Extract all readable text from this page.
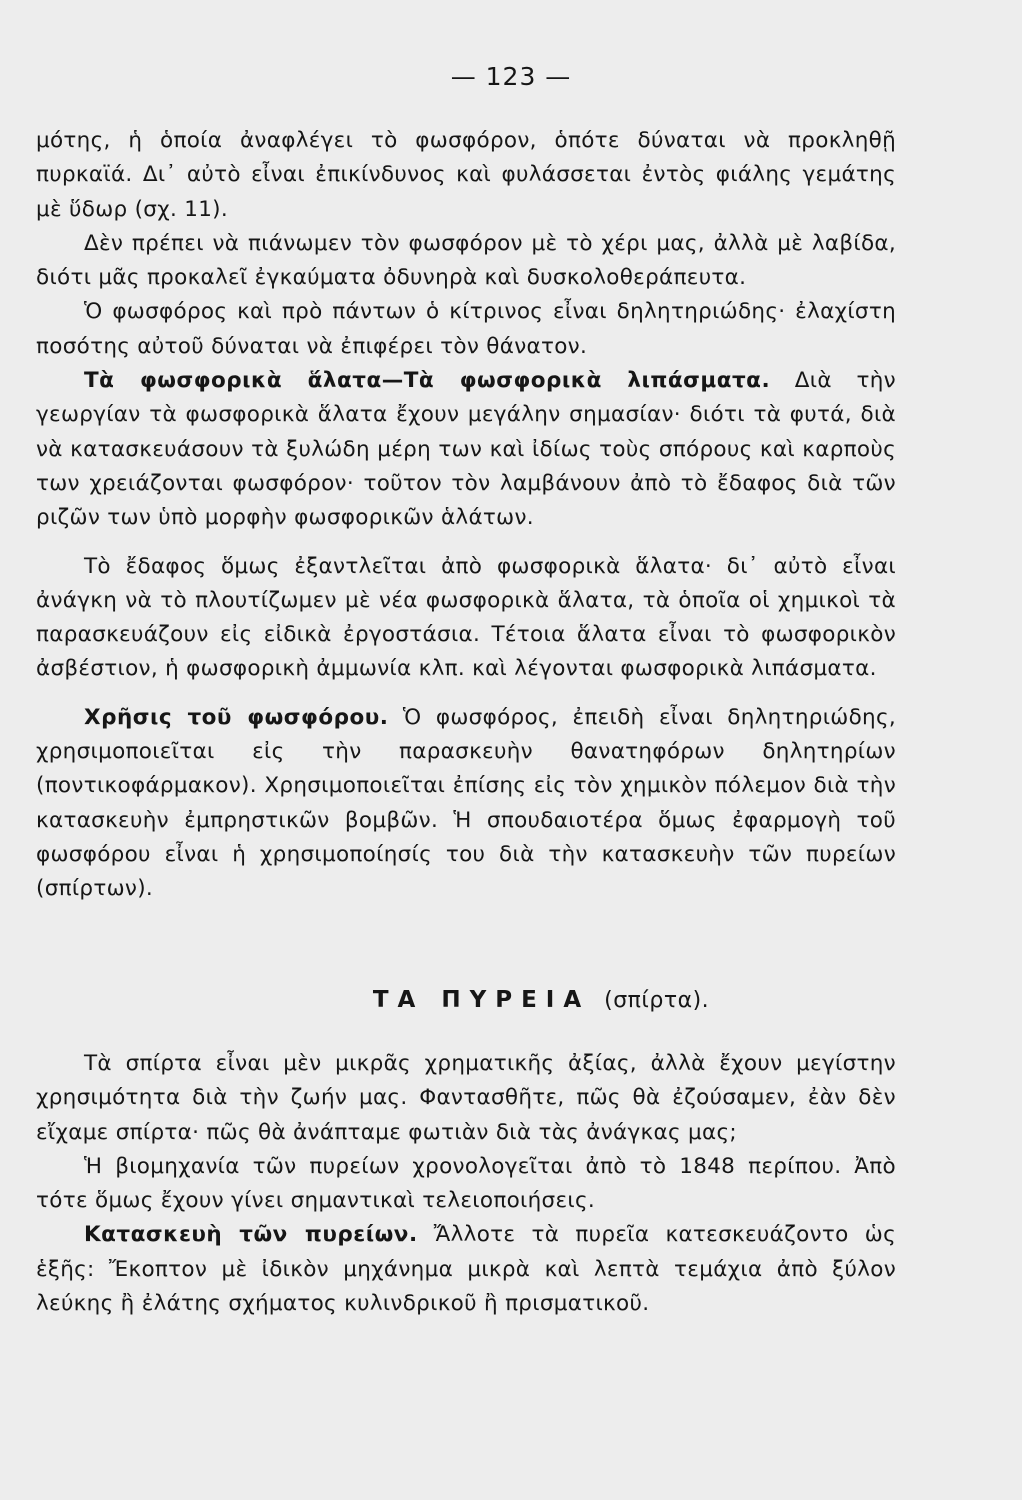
— 123 —

μότης, ἡ ὁποία ἀναφλέγει τὸ φωσφόρον, ὁπότε δύναται νὰ προκληθῇ πυρκαϊά. Δι᾿ αὐτὸ εἶναι ἐπικίνδυνος καὶ φυλάσσεται ἐντὸς φιάλης γεμάτης μὲ ὕδωρ (σχ. 11).

Δὲν πρέπει νὰ πιάνωμεν τὸν φωσφόρον μὲ τὸ χέρι μας, ἀλλὰ μὲ λαβίδα, διότι μᾶς προκαλεῖ ἐγκαύματα ὀδυνηρὰ καὶ δυσκολοθεράπευτα.

Ὁ φωσφόρος καὶ πρὸ πάντων ὁ κίτρινος εἶναι δηλητηριώδης· ἐλαχίστη ποσότης αὐτοῦ δύναται νὰ ἐπιφέρει τὸν θάνατον.

Τὰ φωσφορικὰ ἅλατα—Τὰ φωσφορικὰ λιπάσματα. Διὰ τὴν γεωργίαν τὰ φωσφορικὰ ἅλατα ἔχουν μεγάλην σημασίαν· διότι τὰ φυτά, διὰ νὰ κατασκευάσουν τὰ ξυλώδη μέρη των καὶ ἰδίως τοὺς σπόρους καὶ καρποὺς των χρειάζονται φωσφόρον· τοῦτον τὸν λαμβάνουν ἀπὸ τὸ ἔδαφος διὰ τῶν ριζῶν των ὑπὸ μορφὴν φωσφορικῶν ἁλάτων.

Τὸ ἔδαφος ὅμως ἐξαντλεῖται ἀπὸ φωσφορικὰ ἅλατα· δι᾿ αὐτὸ εἶναι ἀνάγκη νὰ τὸ πλουτίζωμεν μὲ νέα φωσφορικὰ ἅλατα, τὰ ὁποῖα οἱ χημικοὶ τὰ παρασκευάζουν εἰς εἰδικὰ ἐργοστάσια. Τέτοια ἅλατα εἶναι τὸ φωσφορικὸν ἀσβέστιον, ἡ φωσφορικὴ ἀμμωνία κλπ. καὶ λέγονται φωσφορικὰ λιπάσματα.

Χρῆσις τοῦ φωσφόρου. Ὁ φωσφόρος, ἐπειδὴ εἶναι δηλητηριώδης, χρησιμοποιεῖται εἰς τὴν παρασκευὴν θανατηφόρων δηλητηρίων (ποντικοφάρμακον). Χρησιμοποιεῖται ἐπίσης εἰς τὸν χημικὸν πόλεμον διὰ τὴν κατασκευὴν ἐμπρηστικῶν βομβῶν. Ἡ σπουδαιοτέρα ὅμως ἐφαρμογὴ τοῦ φωσφόρου εἶναι ἡ χρησιμοποίησίς του διὰ τὴν κατασκευὴν τῶν πυρείων (σπίρτων).

ΤΑ ΠΥΡΕΙΑ (σπίρτα).

Τὰ σπίρτα εἶναι μὲν μικρᾶς χρηματικῆς ἀξίας, ἀλλὰ ἔχουν μεγίστην χρησιμότητα διὰ τὴν ζωήν μας. Φαντασθῆτε, πῶς θὰ ἐζούσαμεν, ἐὰν δὲν εἴχαμε σπίρτα· πῶς θὰ ἀνάπταμε φωτιὰν διὰ τὰς ἀνάγκας μας;

Ἡ βιομηχανία τῶν πυρείων χρονολογεῖται ἀπὸ τὸ 1848 περίπου. Ἀπὸ τότε ὅμως ἔχουν γίνει σημαντικαὶ τελειοποιήσεις.

Κατασκευὴ τῶν πυρείων. Ἄλλοτε τὰ πυρεῖα κατεσκευάζοντο ὡς ἑξῆς: Ἔκοπτον μὲ ἰδικὸν μηχάνημα μικρὰ καὶ λεπτὰ τεμάχια ἀπὸ ξύλον λεύκης ἢ ἐλάτης σχήματος κυλινδρικοῦ ἢ πρισματικοῦ.
